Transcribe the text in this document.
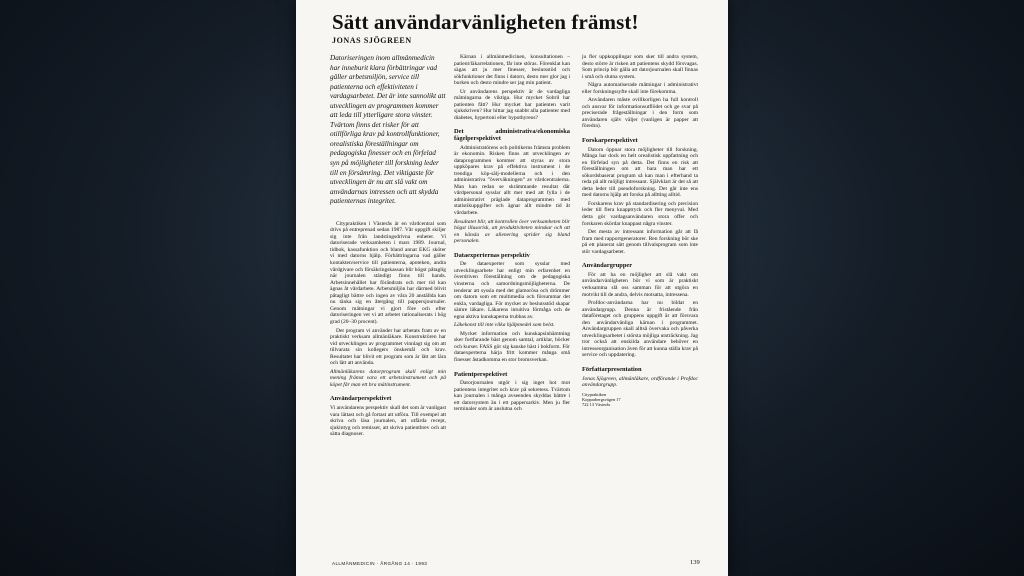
Sätt användarvänligheten främst!
JONAS SJÖGREEN

Datoriseringen inom allmänmedicin har inneburit klara förbättringar vad gäller arbetsmiljön, service till patienterna och effektiviteten i vardagsarbetet. Det är inte sannolikt att utvecklingen av programmen kommer att leda till ytterligare stora vinster. Tvärtom finns det risker för att otillförliga krav på kontrollfunktioner, orealistiska föreställningar om pedagogiska finesser och en förfelad syn på möjligheter till forskning leder till en försämring. Det viktigaste för utvecklingen är nu att slå vakt om användarnas intressen och att skydda patienternas integritet.

Citypraktiken i Västerås är en vårdcentral som drivs på entreprenad sedan 1987. Vår uppgift skiljer sig inte från landstingsdrivna enheter. Vi datoriserade verksamheten i mars 1989. Journal, tidbok, kassafunktion och bland annat EKG sköter vi med datorns hjälp. Förbättringarna vad gäller kontakten/service till patienterna, apoteken, andra vårdgivare och försäkringskassan blir högst påtaglig när journalen ständigt finns till hands. Arbetsinnehållet har förändrats och mer tid kan ägnas åt vårdarbete. Arbetsmiljön har därmed blivit påtagligt bättre och ingen av våra 20 anställda kan nu tänka sig en återgång till pappersjournaler. Genom mätningar vi gjort före och efter datoriseringen vet vi att arbetet rationaliserats i hög grad (20–30 procent).

Det program vi använder har arbetats fram av en praktiskt verksam allmänläkare. Konstruktören har vid utvecklingen av programmet vinnlagt sig om att tillvarata sin kollegers önskemål och krav. Resultatet har blivit ett program som är lätt att lära och lätt att använda.

Allmänläkarens datorprogram skall enligt min mening främst vara ett arbetsinstrument och på köpet får man ett bra mätinstrument.

Användarperspektivet

Vi användarens perspektiv skall det som är vanligast vara lättast och gå fortast att utföra. Till exempel att skriva och läsa journalen, att utfärda recept, sjukintyg och remisser, att skriva patientbrev och att sätta diagnoser.

Kärnan i allmänmedicinen, konsultationen – patient/läkarrelationen, får inte störas. Förenklat kan sägas att ju mer finesser, beslutsstöd och sökfunktioner det finns i datorn, desto mer glor jag i burken och desto mindre ser jag min patient.

Ur användarens perspektiv är de vardagliga mätningarna de viktiga. Hur mycket Sobril har patienten fått? Hur mycket har patienten varit sjukskriven? Hur hittar jag snabbt alla patienter med diabetes, hypertoni eller hypothyreos?

Det administrativa/ekonomiska fågelperspektivet

Administratörens och politikerns främsta problem är ekonomin. Risken finns att utvecklingen av dataprogrammen kommer att styras av stora uppköpares krav på effektiva instrument i de trendiga köp-sälj-modellerna och i den administrativa ”överväkningen” av vårdcentralerna. Man kan redan se skrämmande resultat där vårdpersonal sysslar allt mer med att fylla i de administrativt präglade dataprogrammen med statistikuppgifter och ägnar allt mindre tid åt vårdarbete.

Resultatet blir, att kontrollen över verksamheten blir högst illusorisk, att produktiviteten minskar och att en känsla av alienering sprider sig bland personalen.

Dataexperternas perspektiv

De dataexperter som sysslar med utvecklingsarbete har enligt min erfarenhet en överdriven föreställning om de pedagogiska vinsterna och samordningsmöjligheterna. De tenderar att syssla med det glamorösa och drömmer om datorn som ett multimedia och försummar det enkla, vardagliga. För mycket av beslutsstöd skapar sämre läkare. Läkarens intuitiva förmåga och de egna aktiva kunskaperna trubbas av.

Läkekonst till inte vilka hjälpmedel som helst.

Mycket information och kunskapsinhämtning sker fortfarande bäst genom samtal, artiklar, böcker och kurser. FASS gör sig kanske bäst i bokform. För dataexperterna härja fritt kommer många små finesser åstadkomma en stor bromsverkan.

Patientperspektivet

Datorjournalen utgör i sig inget hot mot patientens integritet och krav på sekretess. Tvärtom kan journalen i många avseenden skyddas bättre i ett datorsystem än i ett pappersarkiv. Men ju fler terminaler som är anslutna och

ju fler uppkopplingar som sker till andra system, desto större är risken att patientens skydd försvagas. Som princip bör gälla att datorjournalen skall finnas i små och slutna system.

Några automatiserade mätningar i administrativt eller forskningssyfte skall inte förekomma.

Användaren måste ovillkorligen ha full kontroll och ansvar för informationsutflödet och ge svar på preciserade frågeställningar i den form som användaren själv väljer (vanligen är papper att föredra).

Forskarperspektivet

Datorn öppnar stora möjligheter till forskning. Många har dock en helt orealistisk uppfattning och en förfelad syn på detta. Det finns en risk att föreställningen om att bara man har ett sökordsbaserat program så kan man i efterhand ta reda på allt möjligt intressant. Självklart är det så att detta leder till pseudoforskning. Det går inte ens med datorns hjälp att forska på alltting alltid.

Forskarens krav på standardisering och precision leder till flera knapptryck och fler menyval. Med detta gör vardagsanvändaren stora offer och forskaren skördar knappast några vinster.

Det mesta av intressant information går att få fram med rapportgeneratorer. Ren forskning bör ske på ett planerat sätt genom tillvalsprogram som inte stör vardagsarbetet.

Användargrupper

För att ha en möjlighet att slå vakt om användarvänligheten bör vi som är praktiskt verksamma slå oss samman för att utgöra en motvikt till de andra, delvis motsatta, intressena.

Profdoc-användarna har nu bildat en användargrupp. Denna är fristående från dataföretaget och gruppens uppgift är att försvara den användarvänliga kärnan i programmet. Användargruppen skall alltså övervaka och påverka utvecklingsarbetet i största möjliga utsträckning. Jag tror också att enskilda användare behöver en intresseorganisation även för att kunna ställa krav på service och uppdatering.

Författarpresentation

Jonas Sjögreen, allmänläkare, ordförande i Profdoc användargrupp.

Citypraktiken
Kopparbergsvägen 17
722 13 Västerås
ALLMÄNMEDICIN · ÅRGÅNG 14 · 1993	139
